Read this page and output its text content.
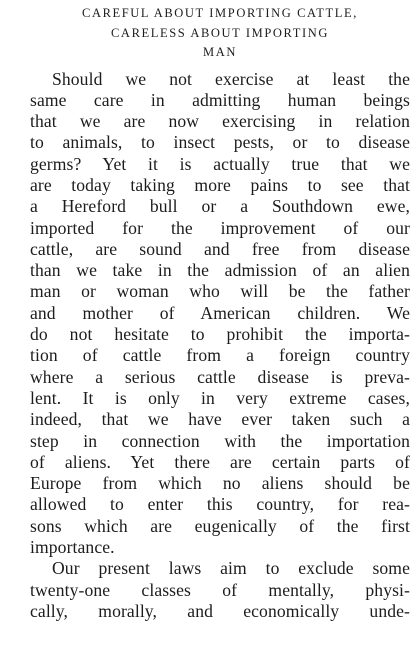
CAREFUL ABOUT IMPORTING CATTLE,
CARELESS ABOUT IMPORTING
MAN

Should we not exercise at least the
same care in admitting human beings
that we are now exercising in relation
to animals, to insect pests, or to disease
germs? Yet it is actually true that we
are today taking more pains to see that
a Hereford bull or a Southdown ewe,
imported for the improvement of our
cattle, are sound and free from disease
than we take in the admission of an alien
man or woman who will be the father
and mother of American children. We
do not hesitate to prohibit the importa-
tion of cattle from a foreign country
where a serious cattle disease is preva-
lent. It is only in very extreme cases,
indeed, that we have ever taken such a
step in connection with the importation
of aliens. Yet there are certain parts of
Europe from which no aliens should be
allowed to enter this country, for rea-
sons which are eugenically of the first
importance.

Our present laws aim to exclude some
twenty-one classes of mentally, physi-
cally, morally, and economically unde-
